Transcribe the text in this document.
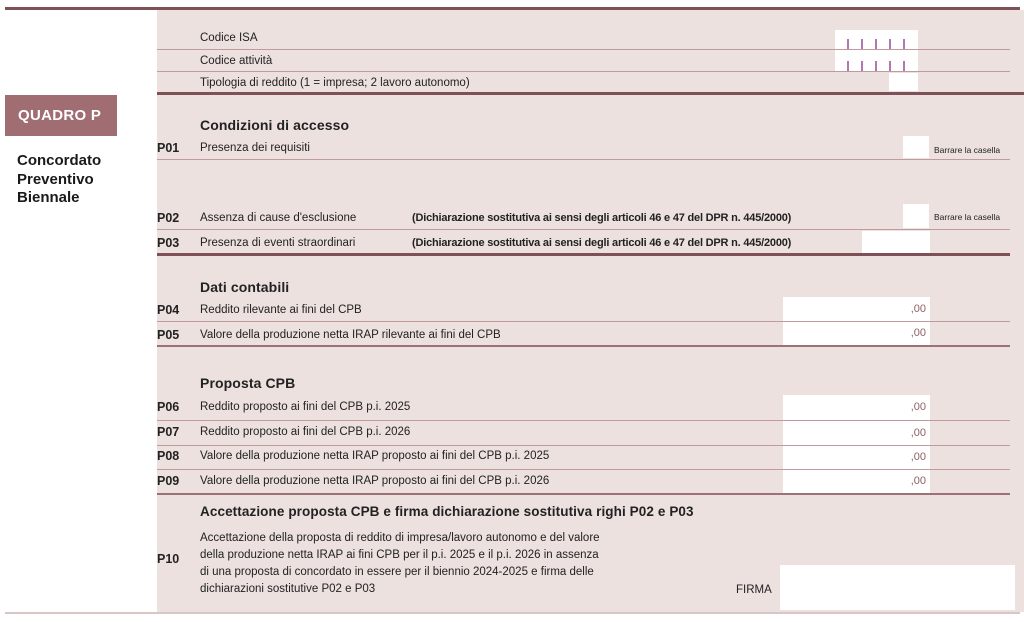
Codice ISA
Codice attività
Tipologia di reddito (1 = impresa; 2 lavoro autonomo)
QUADRO P
Concordato
Preventivo
Biennale
Condizioni di accesso
P01 Presenza dei requisiti	Barrare la casella
P02 Assenza di cause d'esclusione	(Dichiarazione sostitutiva ai sensi degli articoli 46 e 47 del DPR n. 445/2000)	Barrare la casella
P03 Presenza di eventi straordinari	(Dichiarazione sostitutiva ai sensi degli articoli 46 e 47 del DPR n. 445/2000)
Dati contabili
P04 Reddito rilevante ai fini del CPB	,00
P05 Valore della produzione netta IRAP rilevante ai fini del CPB	,00
Proposta CPB
P06 Reddito proposto ai fini del CPB p.i. 2025	,00
P07 Reddito proposto ai fini del CPB p.i. 2026	,00
P08 Valore della produzione netta IRAP proposto ai fini del CPB p.i. 2025	,00
P09 Valore della produzione netta IRAP proposto ai fini del CPB p.i. 2026	,00
Accettazione proposta CPB e firma dichiarazione sostitutiva righi P02 e P03
P10
Accettazione della proposta di reddito di impresa/lavoro autonomo e del valore
della produzione netta IRAP ai fini CPB per il p.i. 2025 e il p.i. 2026 in assenza
di una proposta di concordato in essere per il biennio 2024-2025 e firma delle
dichiarazioni sostitutive P02 e P03	FIRMA
